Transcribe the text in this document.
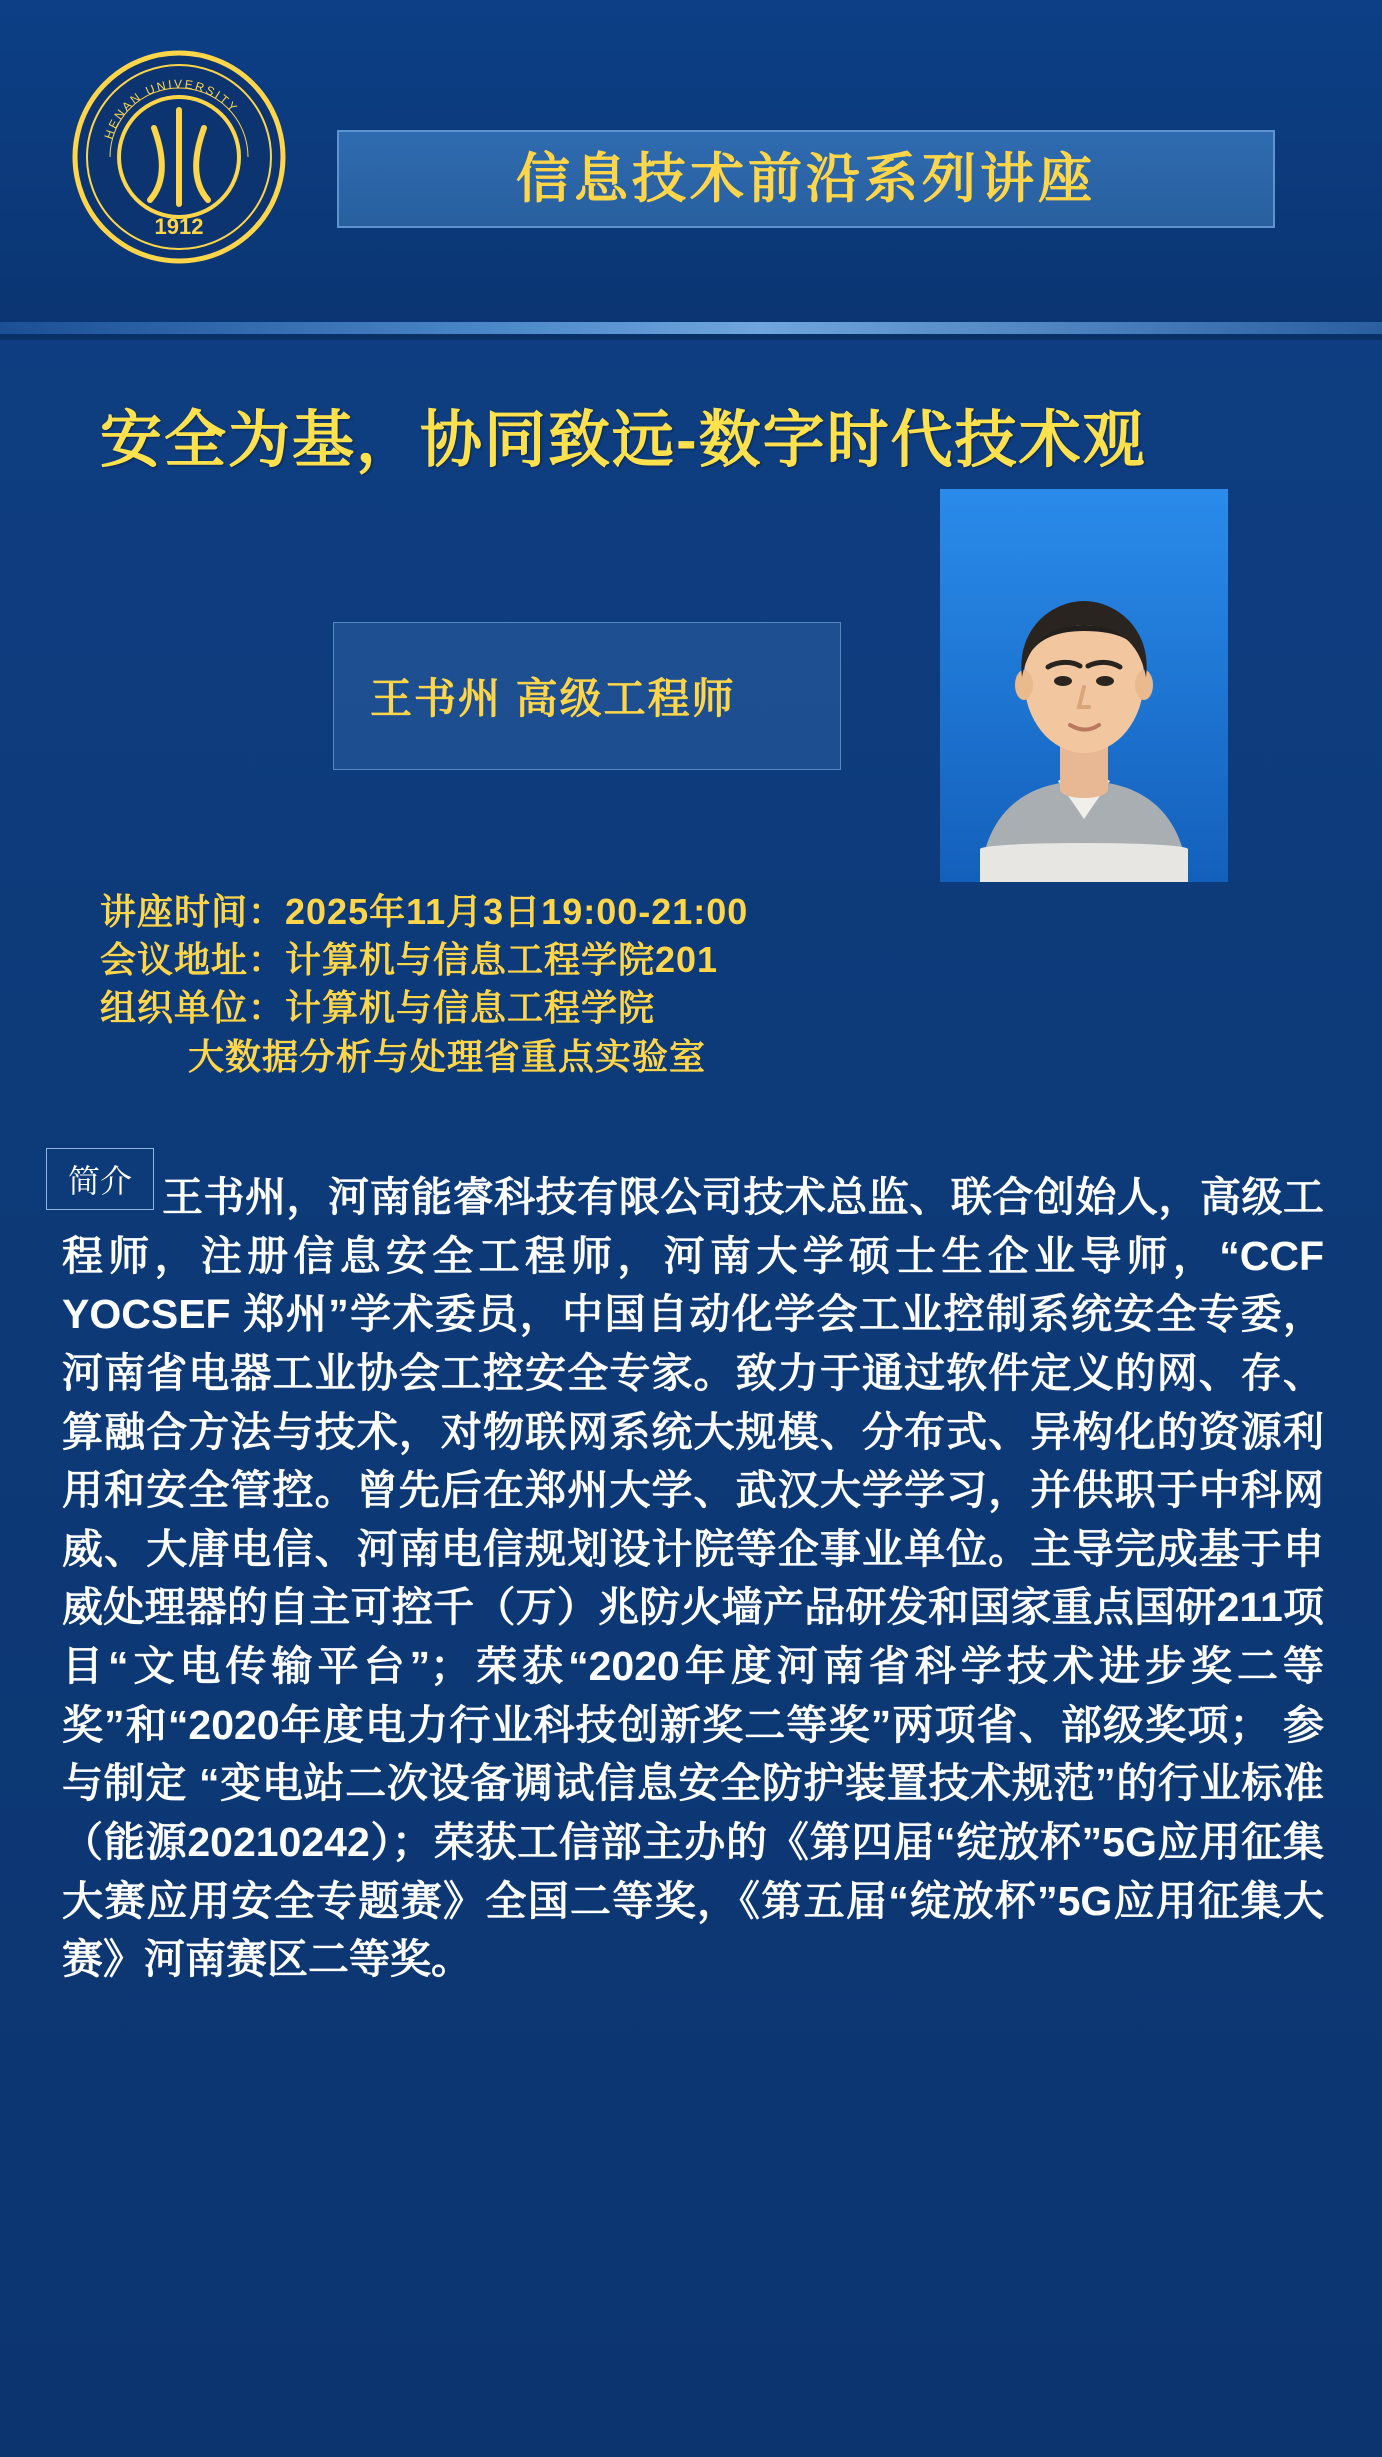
HENAN UNIVERSITY
1912
信息技术前沿系列讲座
安全为基，协同致远-数字时代技术观
王书州 高级工程师
讲座时间：2025年11月3日19:00-21:00
会议地址：计算机与信息工程学院201
组织单位：计算机与信息工程学院
大数据分析与处理省重点实验室
简介 王书州，河南能睿科技有限公司技术总监、联合创始人，高级工程师，注册信息安全工程师，河南大学硕士生企业导师，“CCF YOCSEF 郑州”学术委员，中国自动化学会工业控制系统安全专委，河南省电器工业协会工控安全专家。致力于通过软件定义的网、存、算融合方法与技术，对物联网系统大规模、分布式、异构化的资源利用和安全管控。曾先后在郑州大学、武汉大学学习，并供职于中科网威、大唐电信、河南电信规划设计院等企事业单位。主导完成基于申威处理器的自主可控千（万）兆防火墙产品研发和国家重点国研211项目“文电传输平台”；荣获“2020年度河南省科学技术进步奖二等奖”和“2020年度电力行业科技创新奖二等奖”两项省、部级奖项； 参与制定 “变电站二次设备调试信息安全防护装置技术规范”的行业标准（能源20210242）；荣获工信部主办的《第四届“绽放杯”5G应用征集大赛应用安全专题赛》全国二等奖，《第五届“绽放杯”5G应用征集大赛》河南赛区二等奖。
